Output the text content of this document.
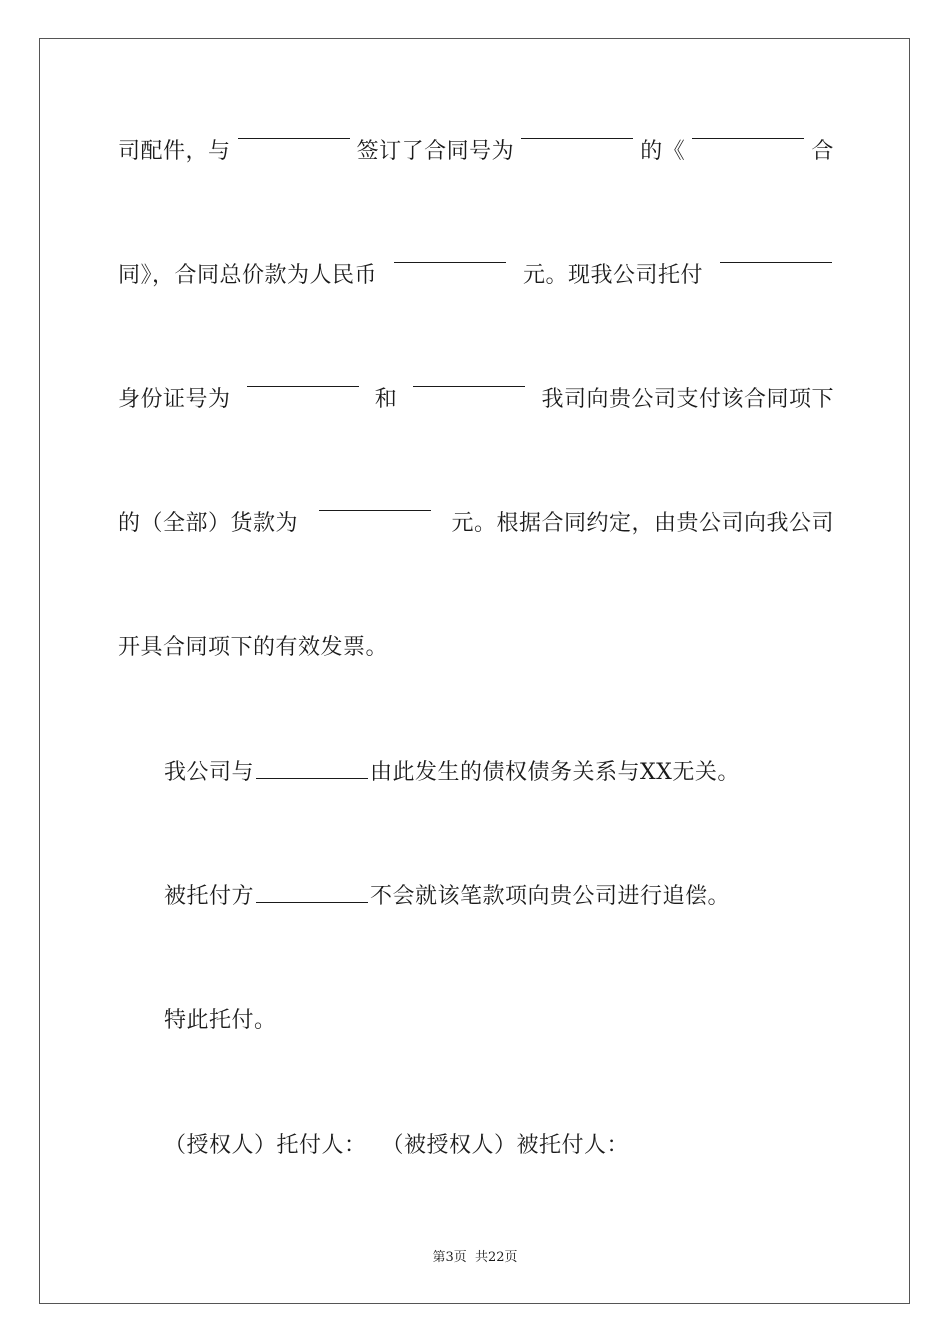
司配件，与	签订了合同号为	的《	合
同》，合同总价款为人民币	元。现我公司托付
身份证号为	和	我司向贵公司支付该合同项下
的（全部）货款为	元。根据合同约定，由贵公司向我公司
开具合同项下的有效发票。
我公司与	由此发生的债权债务关系与XX无关。
被托付方	不会就该笔款项向贵公司进行追偿。
特此托付。
（授权人）托付人：  （被授权人）被托付人：
第3页  共22页
